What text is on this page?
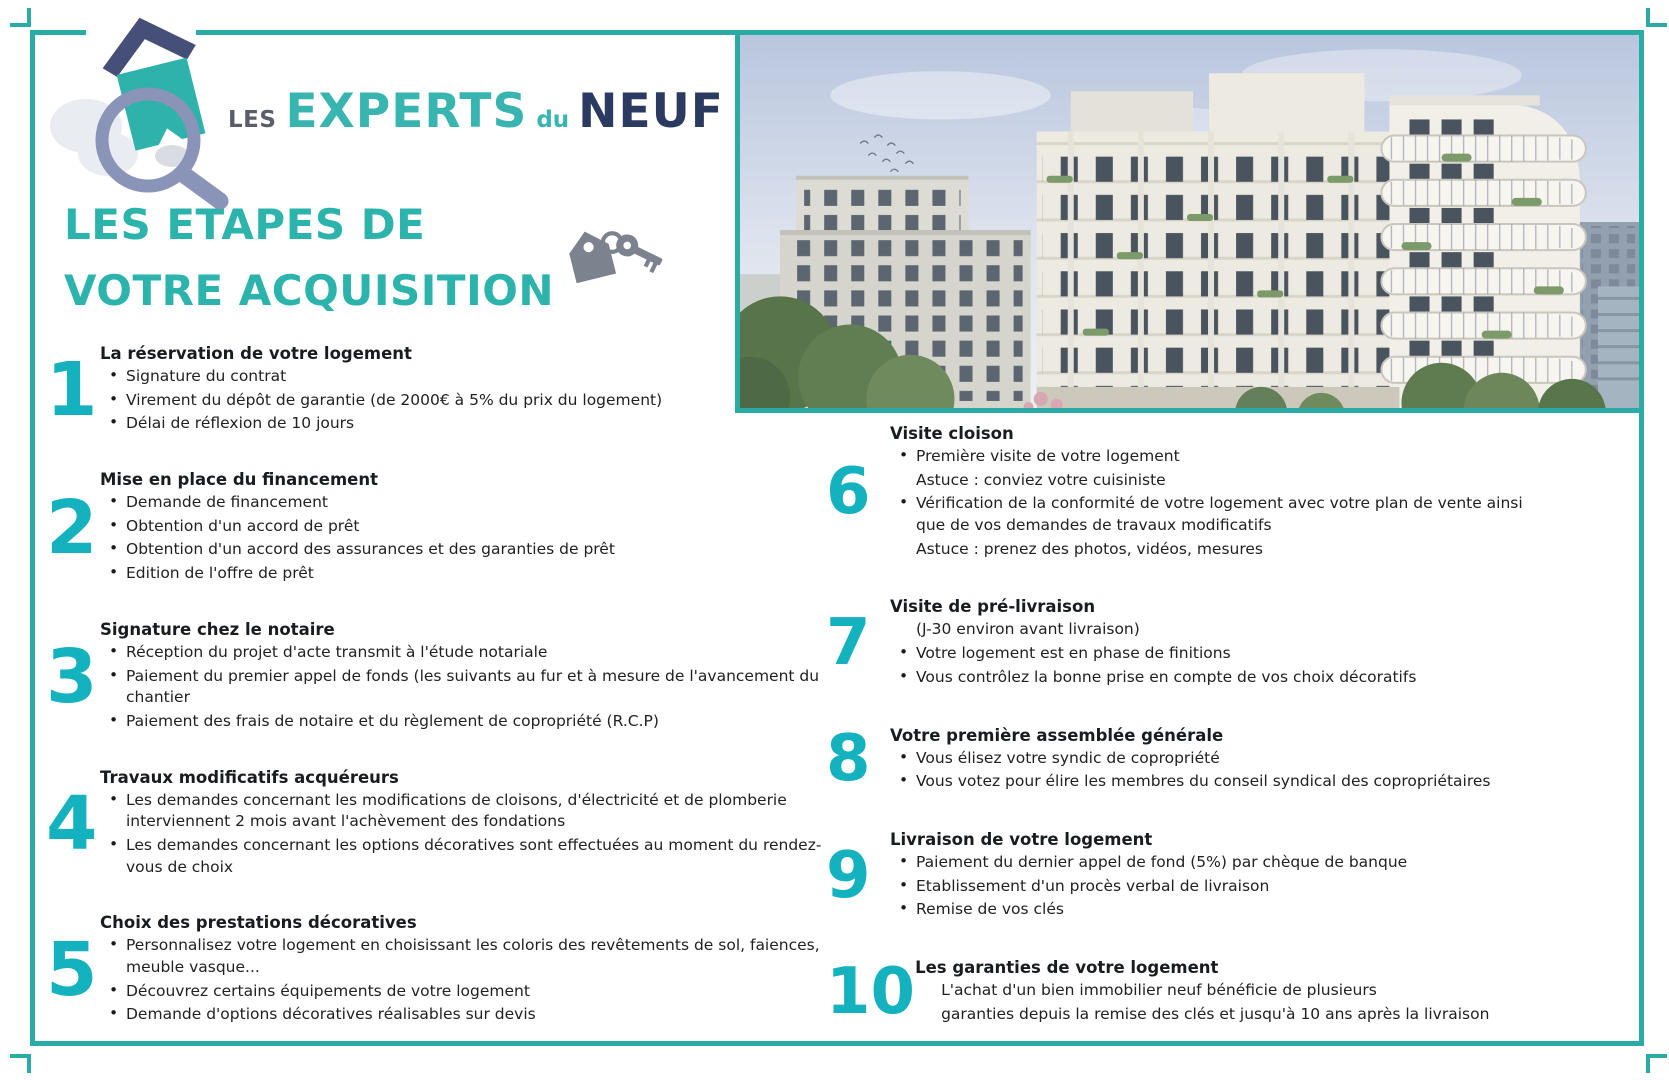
LES EXPERTS du NEUF
LES ETAPES DE
VOTRE ACQUISITION
1 La réservation de votre logement
• Signature du contrat
• Virement du dépôt de garantie (de 2000€ à 5% du prix du logement)
• Délai de réflexion de 10 jours
2
Mise en place du financement
• Demande de financement
• Obtention d'un accord de prêt
• Obtention d'un accord des assurances et des garanties de prêt
• Edition de l'offre de prêt
3
Signature chez le notaire
• Réception du projet d'acte transmit à l'étude notariale
• Paiement du premier appel de fonds (les suivants au fur et à mesure de l'avancement du chantier
• Paiement des frais de notaire et du règlement de copropriété (R.C.P)
4
Travaux modificatifs acquéreurs
• Les demandes concernant les modifications de cloisons, d'électricité et de plomberie interviennent 2 mois avant l'achèvement des fondations
• Les demandes concernant les options décoratives sont effectuées au moment du rendez-vous de choix
5
Choix des prestations décoratives
• Personnalisez votre logement en choisissant les coloris des revêtements de sol, faiences, meuble vasque...
• Découvrez certains équipements de votre logement
• Demande d'options décoratives réalisables sur devis
6
Visite cloison
• Première visite de votre logement
Astuce : conviez votre cuisiniste
• Vérification de la conformité de votre logement avec votre plan de vente ainsi que de vos demandes de travaux modificatifs
Astuce : prenez des photos, vidéos, mesures
7	Visite de pré-livraison
(J-30 environ avant livraison)
• Votre logement est en phase de finitions
• Vous contrôlez la bonne prise en compte de vos choix décoratifs
8	Votre première assemblée générale
• Vous élisez votre syndic de copropriété
• Vous votez pour élire les membres du conseil syndical des copropriétaires
9	Livraison de votre logement
• Paiement du dernier appel de fond (5%) par chèque de banque
• Etablissement d'un procès verbal de livraison
• Remise de vos clés
10 Les garanties de votre logement
L'achat d'un bien immobilier neuf bénéficie de plusieurs
garanties depuis la remise des clés et jusqu'à 10 ans après la livraison
